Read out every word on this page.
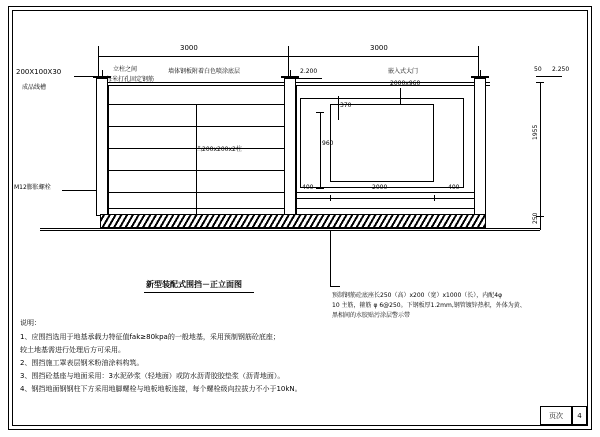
3000	3000
200X100X30
成品线槽
立柱之间
每米打孔固定钢筋
墙体钢板附着白色喷涂底层
凸200x200x2柱
M12膨胀螺栓
嵌入式大门
2000x960
2.200	2.250
50
370
960
1955
250
400	2000	400
新型装配式围挡－正立面图
预制钢筋砼底座长250（高）x200（宽）x1000（长），内配4φ
10 主筋，箍筋 φ 6@250。下钢板厚1.2mm,钢管镀锌热积，外体为黄、
黑相间的水胶贴污涂层警示带
说明：
1、应围挡选用于地基承载力特征值fak≥80kpa的一般地基，采用预制钢筋砼底座；
较土地基需进行处理后方可采用。
2、围挡施工罩表层钢米粉油涂料构筑。
3、围挡砼基座与地面采用：3水泥砂浆（轻地面）或防水沥青胶胶垫浆（沥青地面）。
4、钢挡地面钢钢柱下方采用地脚螺栓与地板地板连接，每个螺栓级向拉拔力不小于10kN。
页次	4
